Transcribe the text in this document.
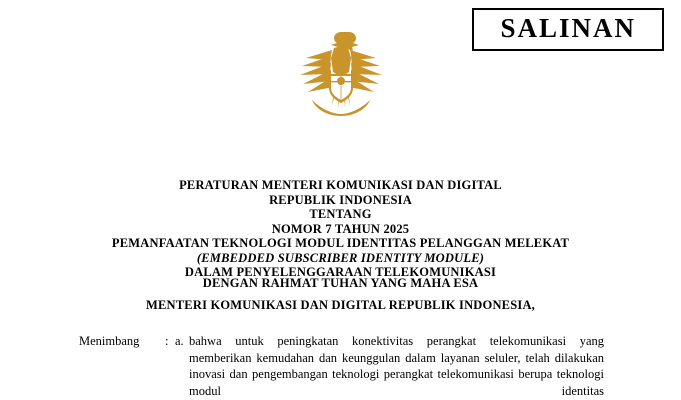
SALINAN
PERATURAN MENTERI KOMUNIKASI DAN DIGITAL
REPUBLIK INDONESIA
TENTANG
NOMOR 7 TAHUN 2025
PEMANFAATAN TEKNOLOGI MODUL IDENTITAS PELANGGAN MELEKAT
(EMBEDDED SUBSCRIBER IDENTITY MODULE)
DALAM PENYELENGGARAAN TELEKOMUNIKASI
DENGAN RAHMAT TUHAN YANG MAHA ESA
MENTERI KOMUNIKASI DAN DIGITAL REPUBLIK INDONESIA,
Menimbang	: a. bahwa untuk peningkatan konektivitas perangkat telekomunikasi yang memberikan kemudahan dan keunggulan dalam layanan seluler, telah dilakukan inovasi dan pengembangan teknologi perangkat telekomunikasi berupa teknologi modul identitas
